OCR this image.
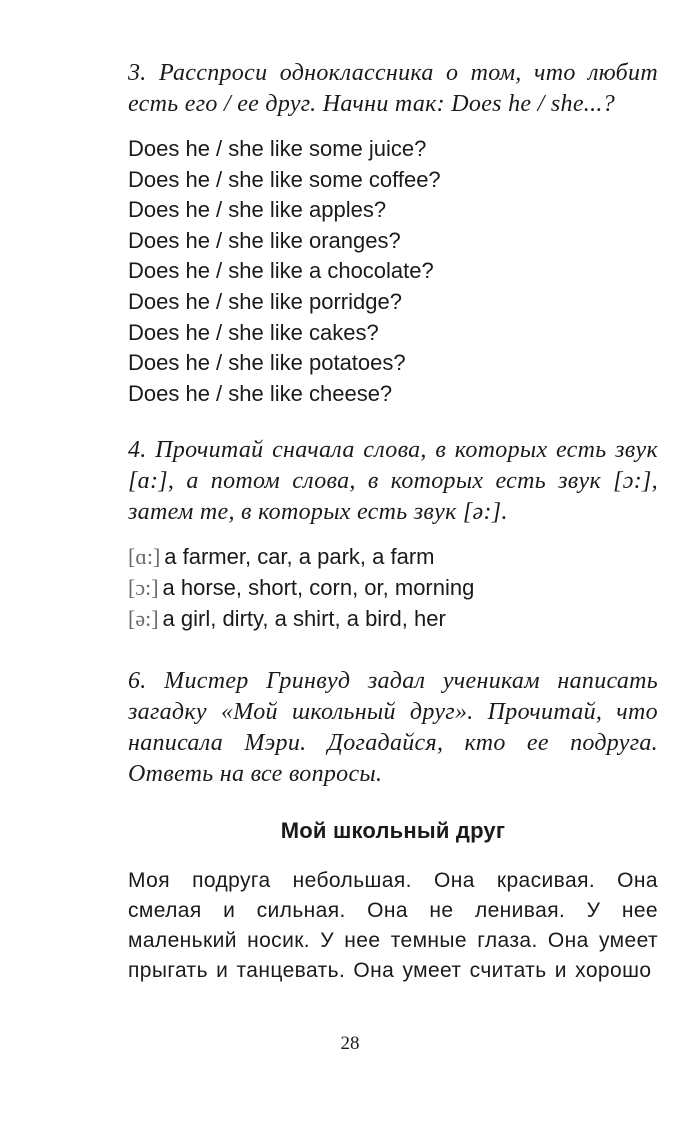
3. Расспроси одноклассника о том, что любит есть его / ее друг. Начни так: Does he / she...?

Does he / she like some juice?
Does he / she like some coffee?
Does he / she like apples?
Does he / she like oranges?
Does he / she like a chocolate?
Does he / she like porridge?
Does he / she like cakes?
Does he / she like potatoes?
Does he / she like cheese?

4. Прочитай сначала слова, в которых есть звук [ɑ:], а потом слова, в которых есть звук [ɔ:], затем те, в которых есть звук [ə:].

[ɑ:] a farmer, car, a park, a farm
[ɔ:] a horse, short, corn, or, morning
[ə:] a girl, dirty, a shirt, a bird, her

6. Мистер Гринвуд задал ученикам написать загадку «Мой школьный друг». Прочитай, что написала Мэри. Догадайся, кто ее подруга. Ответь на все вопросы.

Мой школьный друг

Моя подруга небольшая. Она красивая. Она смелая и сильная. Она не ленивая. У нее маленький носик. У нее темные глаза. Она умеет прыгать и танцевать. Она умеет считать и хорошо

28
